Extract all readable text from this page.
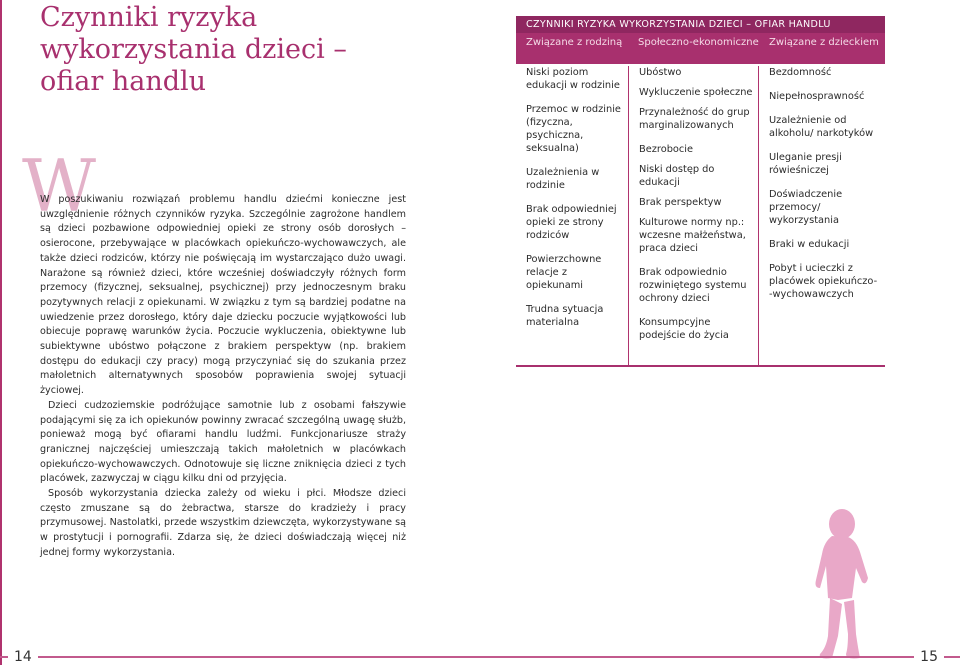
Czynniki ryzyka
wykorzystania dzieci –
ofiar handlu
W

W poszukiwaniu rozwiązań problemu handlu dziećmi konieczne jest uwzględnienie różnych czynników ryzyka. Szczególnie zagrożone handlem są dzieci pozbawione odpowiedniej opieki ze strony osób dorosłych – osierocone, przebywające w placówkach opiekuńczo-wychowawczych, ale także dzieci rodziców, którzy nie poświęcają im wystarczająco dużo uwagi. Narażone są również dzieci, które wcześniej doświadczyły różnych form przemocy (fizycznej, seksualnej, psychicznej) przy jednoczesnym braku pozytywnych relacji z opiekunami. W związku z tym są bardziej podatne na uwiedzenie przez dorosłego, który daje dziecku poczucie wyjątkowości lub obiecuje poprawę warunków życia. Poczucie wykluczenia, obiektywne lub subiektywne ubóstwo połączone z brakiem perspektyw (np. brakiem dostępu do edukacji czy pracy) mogą przyczyniać się do szukania przez małoletnich alternatywnych sposobów poprawienia swojej sytuacji życiowej.

Dzieci cudzoziemskie podróżujące samotnie lub z osobami fałszywie podającymi się za ich opiekunów powinny zwracać szczególną uwagę służb, ponieważ mogą być ofiarami handlu ludźmi. Funkcjonariusze straży granicznej najczęściej umieszczają takich małoletnich w placówkach opiekuńczo-wychowawczych. Odnotowuje się liczne zniknięcia dzieci z tych placówek, zazwyczaj w ciągu kilku dni od przyjęcia.

Sposób wykorzystania dziecka zależy od wieku i płci. Młodsze dzieci często zmuszane są do żebractwa, starsze do kradzieży i pracy przymusowej. Nastolatki, przede wszystkim dziewczęta, wykorzystywane są w prostytucji i pornografii. Zdarza się, że dzieci doświadczają więcej niż jednej formy wykorzystania.

CZYNNIKI RYZYKA WYKORZYSTANIA DZIECI – OFIAR HANDLU
Związane z rodziną Społeczno-ekonomiczne Związane z dzieckiem
Niski poziom edukacji w rodzinie
Przemoc w rodzinie (fizyczna, psychiczna, seksualna)
Uzależnienia w rodzinie
Brak odpowiedniej opieki ze strony rodziców
Powierzchowne relacje z opiekunami
Trudna sytuacja materialna
Ubóstwo
Wykluczenie społeczne
Przynależność do grup marginalizowanych
Bezrobocie
Niski dostęp do edukacji
Brak perspektyw
Kulturowe normy np.: wczesne małżeństwa, praca dzieci
Brak odpowiednio rozwiniętego systemu ochrony dzieci
Konsumpcyjne podejście do życia
Bezdomność
Niepełnosprawność
Uzależnienie od alkoholu/ narkotyków
Uleganie presji rówieśniczej
Doświadczenie przemocy/ wykorzystania
Braki w edukacji
Pobyt i ucieczki z placówek opiekuńczo- -wychowawczych
14	15
